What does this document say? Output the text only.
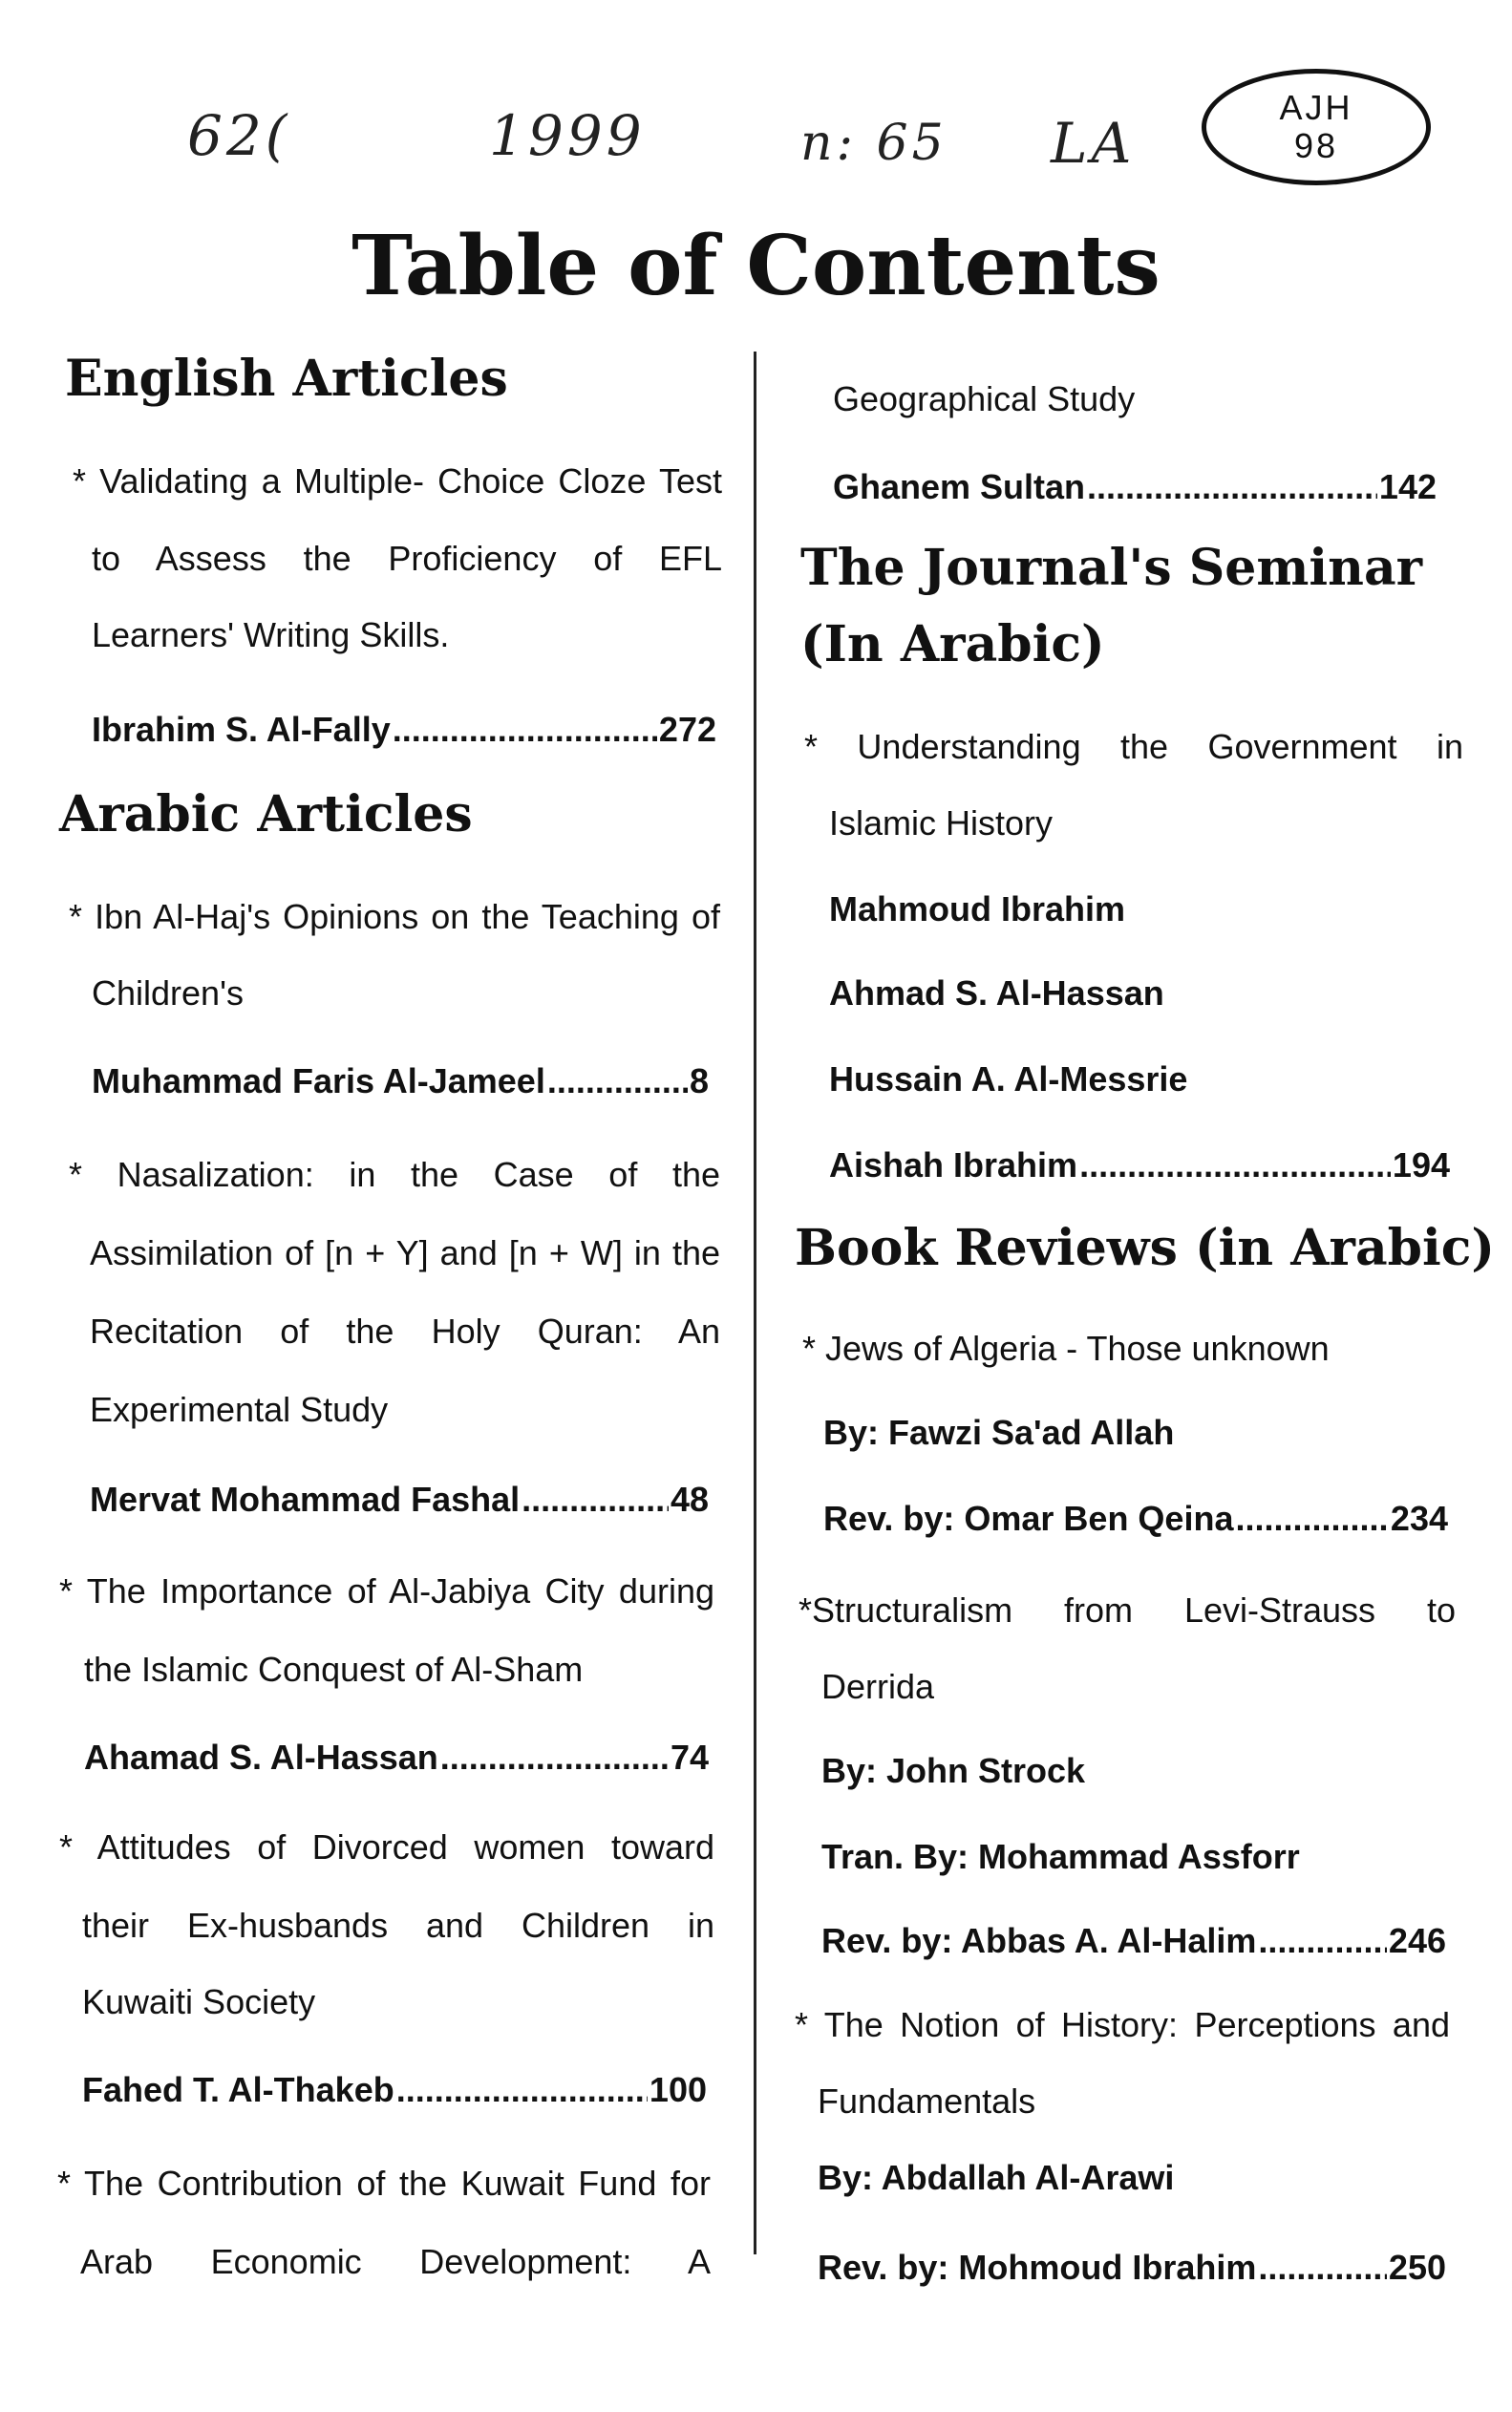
62(	1999	n: 65 LA
AJH
98
Table of Contents
English Articles
* Validating a Multiple- Choice Cloze Test
to Assess the Proficiency of EFL
Learners' Writing Skills.
Ibrahim S. Al-Fally .....	272
Arabic Articles
* Ibn Al-Haj's Opinions on the Teaching of
Children's
Muhammad Faris Al-Jameel .....	8
* Nasalization: in the Case of the
Assimilation of [n + Y] and [n + W] in the
Recitation of the Holy Quran: An
Experimental Study
Mervat Mohammad Fashal .....	48
* The Importance of Al-Jabiya City during
the Islamic Conquest of Al-Sham
Ahamad S. Al-Hassan .....	74
* Attitudes of Divorced women toward
their Ex-husbands and Children in
Kuwaiti Society
Fahed T. Al-Thakeb .....	100
* The Contribution of the Kuwait Fund for
Arab Economic Development: A
Geographical Study
Ghanem Sultan .....	142
The Journal's Seminar
(In Arabic)
* Understanding the Government in
Islamic History
Mahmoud Ibrahim
Ahmad S. Al-Hassan
Hussain A. Al-Messrie
Aishah Ibrahim .....	194
Book Reviews (in Arabic)
* Jews of Algeria - Those unknown
By: Fawzi Sa'ad Allah
Rev. by: Omar Ben Qeina .....	234
*Structuralism from Levi-Strauss to
Derrida
By: John Strock
Tran. By: Mohammad Assforr
Rev. by: Abbas A. Al-Halim .....	246
* The Notion of History: Perceptions and
Fundamentals
By: Abdallah Al-Arawi
Rev. by: Mohmoud Ibrahim .....	250
